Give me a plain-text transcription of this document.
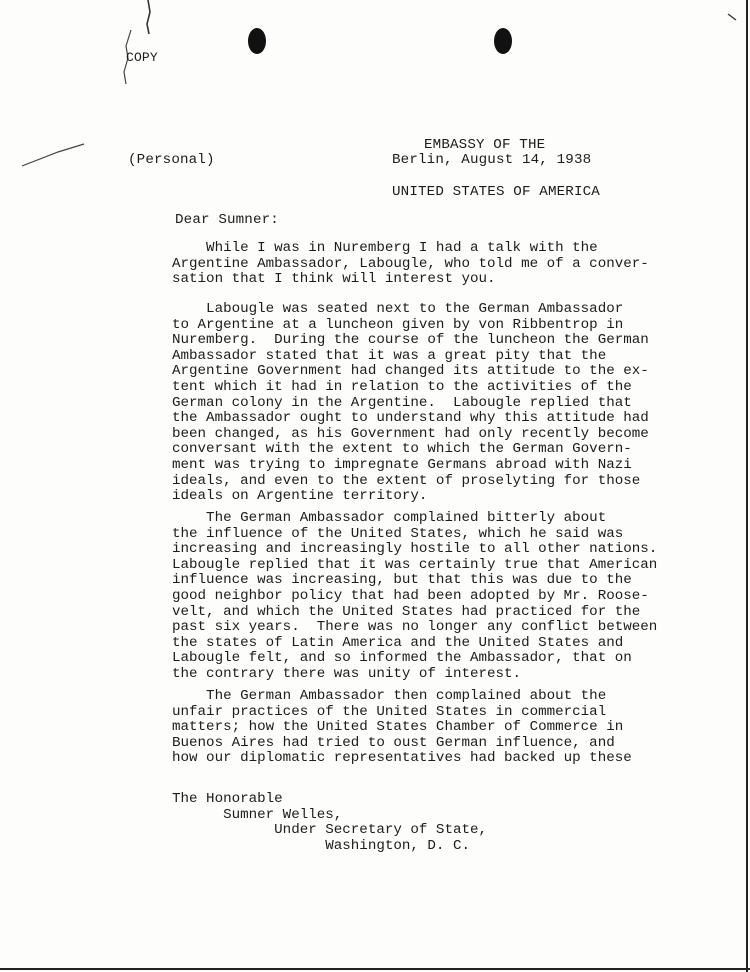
COPY

EMBASSY OF THE

UNITED STATES OF AMERICA

(Personal)	Berlin, August 14, 1938
Dear Sumner:
While I was in Nuremberg I had a talk with the
Argentine Ambassador, Labougle, who told me of a conver-
sation that I think will interest you.
Labougle was seated next to the German Ambassador
to Argentine at a luncheon given by von Ribbentrop in
Nuremberg.  During the course of the luncheon the German
Ambassador stated that it was a great pity that the
Argentine Government had changed its attitude to the ex-
tent which it had in relation to the activities of the
German colony in the Argentine.  Labougle replied that
the Ambassador ought to understand why this attitude had
been changed, as his Government had only recently become
conversant with the extent to which the German Govern-
ment was trying to impregnate Germans abroad with Nazi
ideals, and even to the extent of proselyting for those
ideals on Argentine territory.
The German Ambassador complained bitterly about
the influence of the United States, which he said was
increasing and increasingly hostile to all other nations.
Labougle replied that it was certainly true that American
influence was increasing, but that this was due to the
good neighbor policy that had been adopted by Mr. Roose-
velt, and which the United States had practiced for the
past six years.  There was no longer any conflict between
the states of Latin America and the United States and
Labougle felt, and so informed the Ambassador, that on
the contrary there was unity of interest.
The German Ambassador then complained about the
unfair practices of the United States in commercial
matters; how the United States Chamber of Commerce in
Buenos Aires had tried to oust German influence, and
how our diplomatic representatives had backed up these
The Honorable
Sumner Welles,
Under Secretary of State,
Washington, D. C.
